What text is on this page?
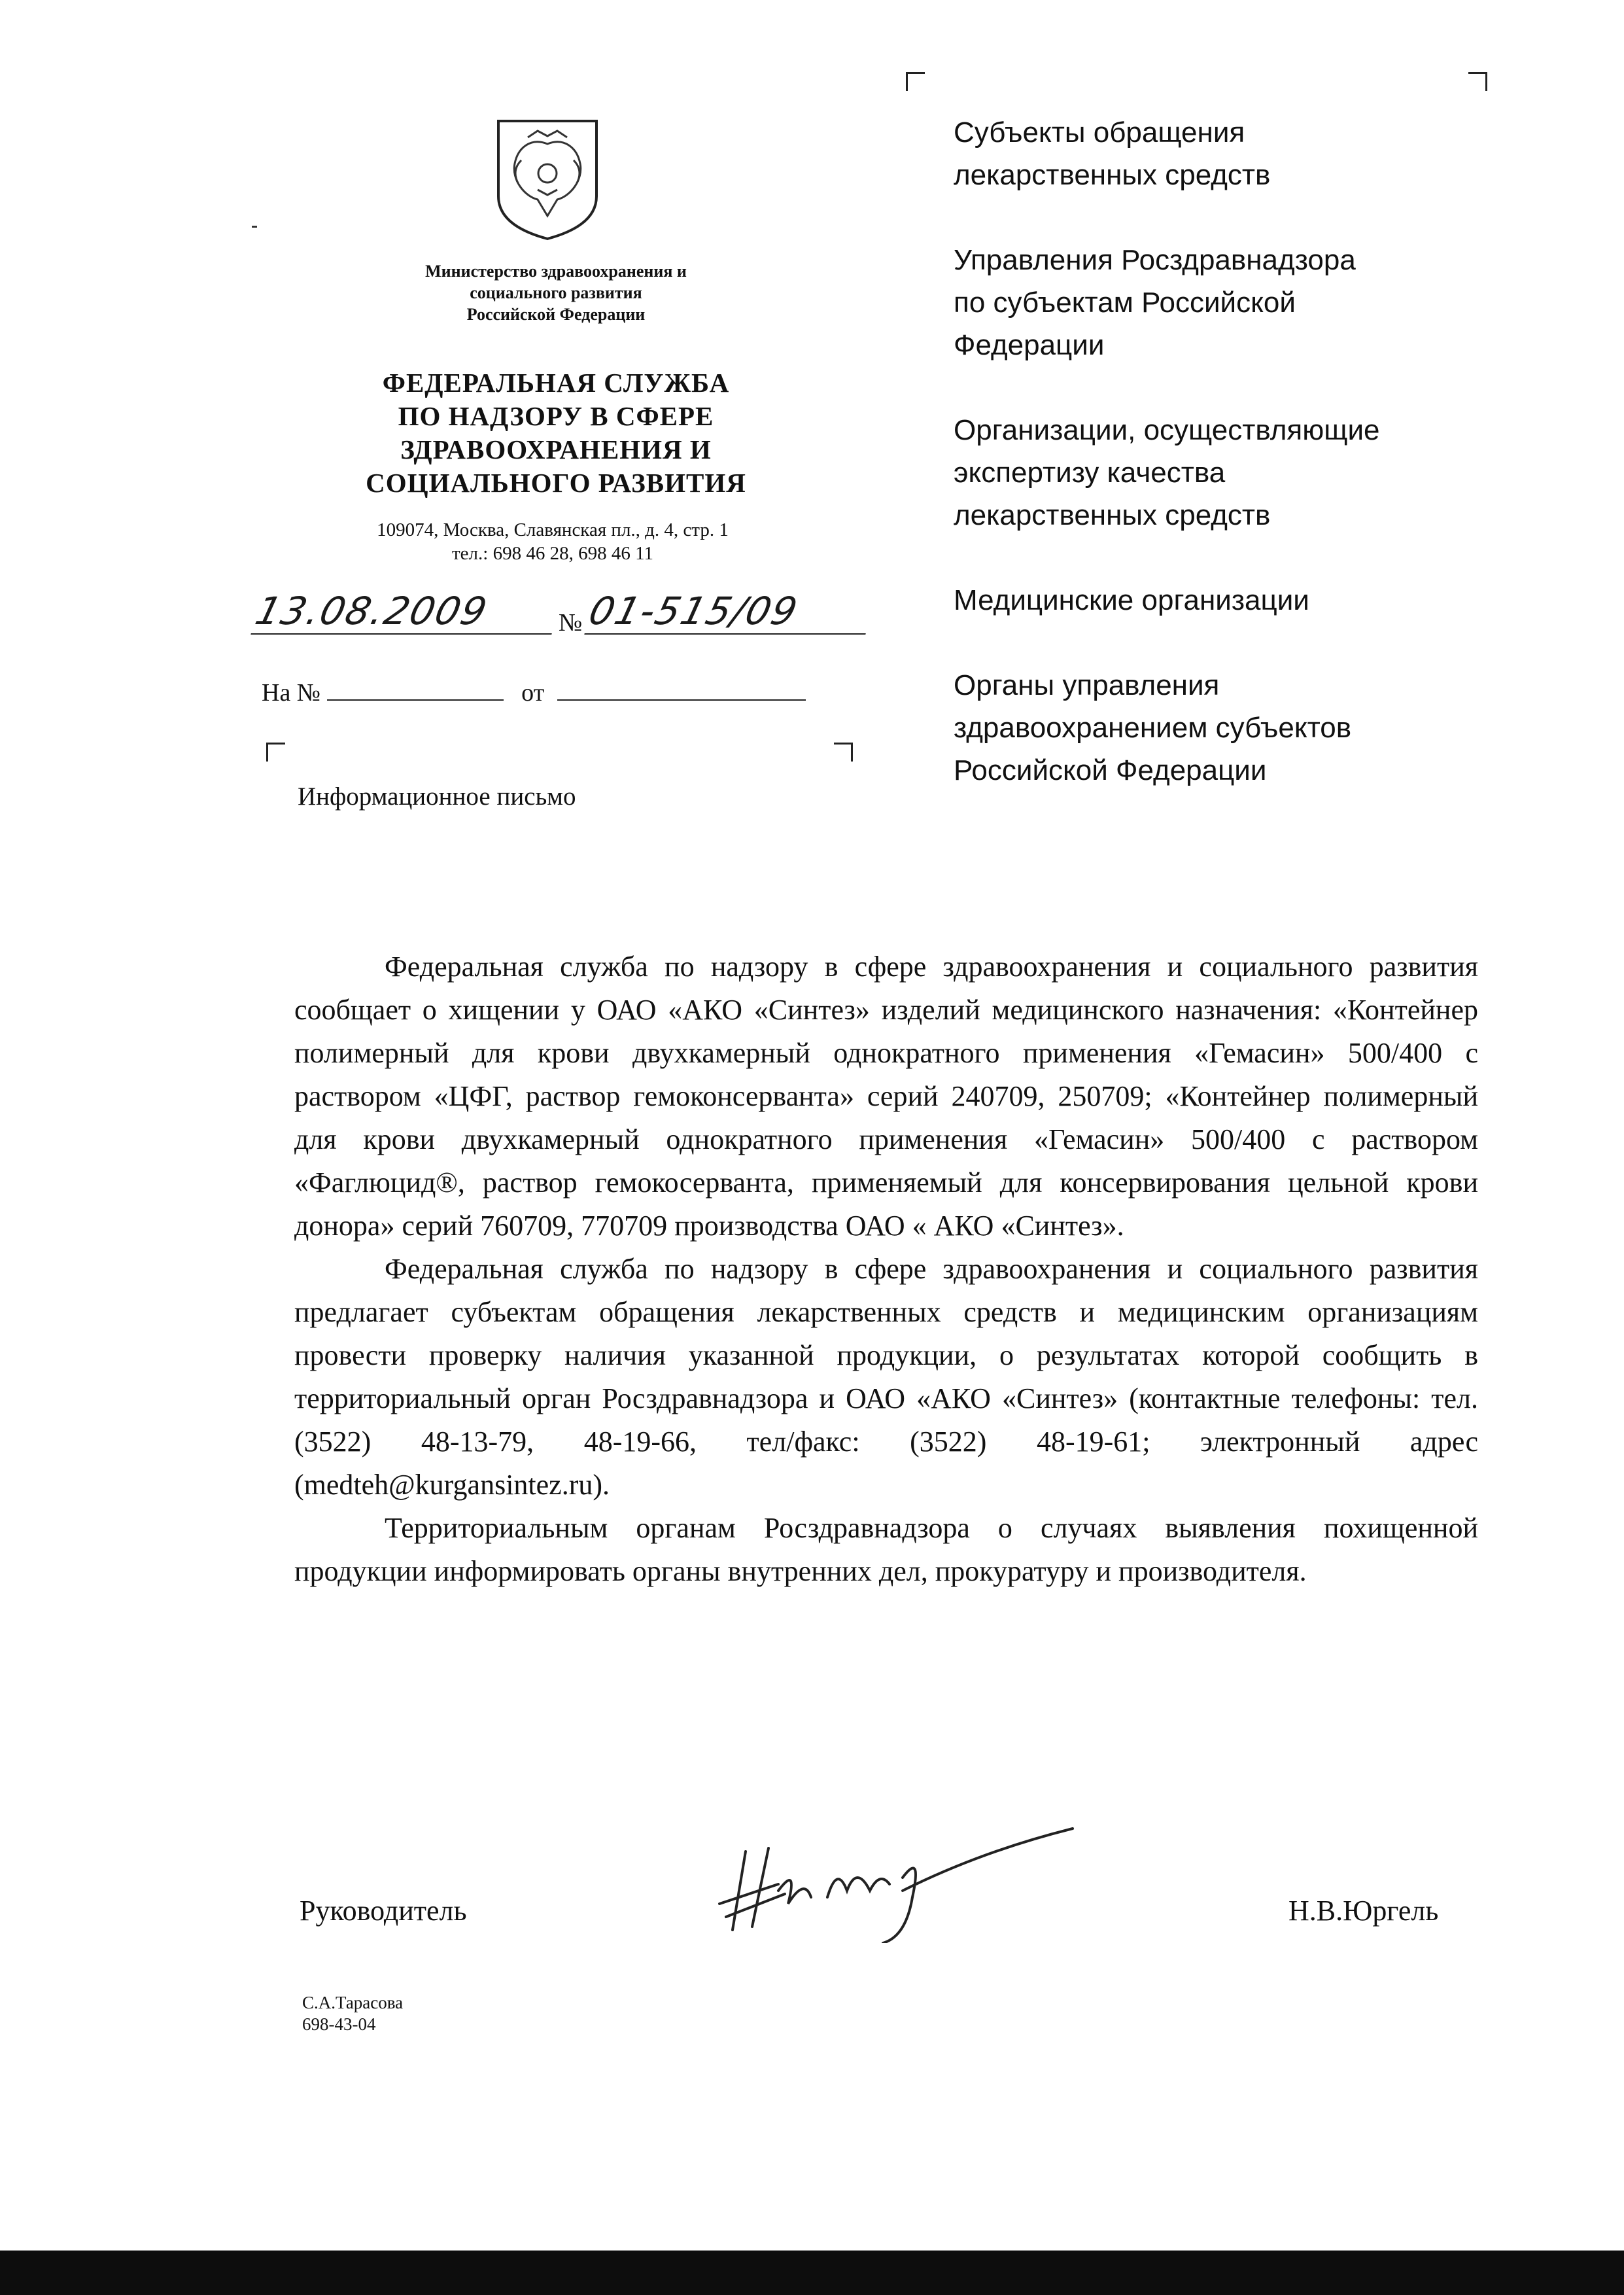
Министерство здравоохранения и
социального развития
Российской Федерации
ФЕДЕРАЛЬНАЯ СЛУЖБА
ПО НАДЗОРУ В СФЕРЕ
ЗДРАВООХРАНЕНИЯ И
СОЦИАЛЬНОГО РАЗВИТИЯ
109074, Москва, Славянская пл., д. 4, стр. 1
тел.: 698 46 28, 698 46 11
13.08.2009	№ 01-515/09
На №	от
Информационное письмо

Субъекты обращения
лекарственных средств

Управления Росздравнадзора
по субъектам Российской
Федерации

Организации, осуществляющие
экспертизу качества
лекарственных средств

Медицинские организации

Органы управления
здравоохранением субъектов
Российской Федерации

Федеральная служба по надзору в сфере здравоохранения и социального развития сообщает о хищении у ОАО «АКО «Синтез» изделий медицинского назначения: «Контейнер полимерный для крови двухкамерный однократного применения «Гемасин» 500/400 с раствором «ЦФГ, раствор гемоконсерванта» серий 240709, 250709; «Контейнер полимерный для крови двухкамерный однократного применения «Гемасин» 500/400 с раствором «Фаглюцид®, раствор гемокосерванта, применяемый для консервирования цельной крови донора» серий 760709, 770709 производства ОАО « АКО «Синтез».

Федеральная служба по надзору в сфере здравоохранения и социального развития предлагает субъектам обращения лекарственных средств и медицинским организациям провести проверку наличия указанной продукции, о результатах которой сообщить в территориальный орган Росздравнадзора и ОАО «АКО «Синтез» (контактные телефоны: тел. (3522) 48-13-79, 48-19-66, тел/факс: (3522) 48-19-61; электронный адрес (medteh@kurgansintez.ru).

Территориальным органам Росздравнадзора о случаях выявления похищенной продукции информировать органы внутренних дел, прокуратуру и производителя.

Руководитель	Н.В.Юргель
С.А.Тарасова
698-43-04
